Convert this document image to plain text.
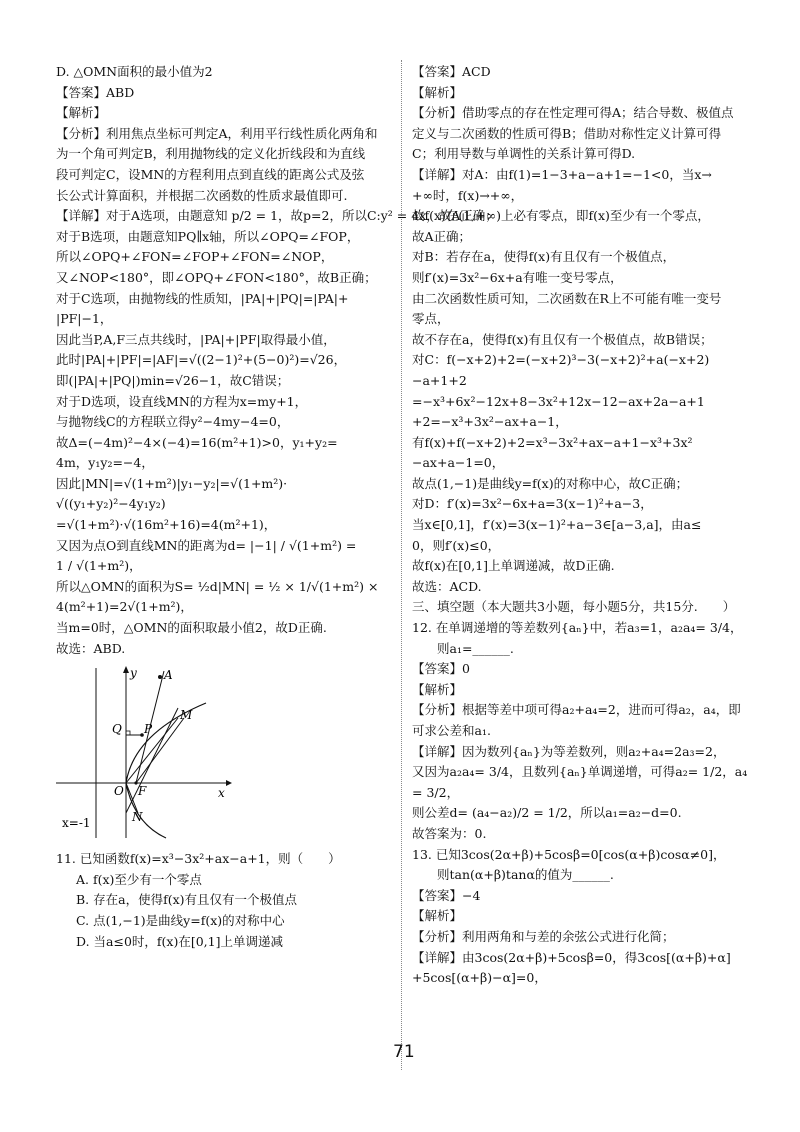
D. △OMN面积的最小值为2
【答案】ABD
【解析】
【分析】利用焦点坐标可判定A，利用平行线性质化两角和
为一个角可判定B，利用抛物线的定义化折线段和为直线
段可判定C，设MN的方程利用点到直线的距离公式及弦
长公式计算面积，并根据二次函数的性质求最值即可.
【详解】对于A选项，由题意知 p/2 = 1，故p=2，所以C:y² = 4x，故A正确；
对于B选项，由题意知PQ∥x轴，所以∠OPQ=∠FOP，
所以∠OPQ+∠FON=∠FOP+∠FON=∠NOP，
又∠NOP<180°，即∠OPQ+∠FON<180°，故B正确；
对于C选项，由抛物线的性质知，|PA|+|PQ|=|PA|+
|PF|−1，
因此当P,A,F三点共线时，|PA|+|PF|取得最小值，
此时|PA|+|PF|=|AF|=√((2−1)²+(5−0)²)=√26，
即(|PA|+|PQ|)min=√26−1，故C错误；
对于D选项，设直线MN的方程为x=my+1，
与抛物线C的方程联立得y²−4my−4=0，
故Δ=(−4m)²−4×(−4)=16(m²+1)>0，y₁+y₂=
4m，y₁y₂=−4，
因此|MN|=√(1+m²)|y₁−y₂|=√(1+m²)·
√((y₁+y₂)²−4y₁y₂)
=√(1+m²)·√(16m²+16)=4(m²+1)，
又因为点O到直线MN的距离为d= |−1| / √(1+m²) =
1 / √(1+m²)，
所以△OMN的面积为S= ½d|MN| = ½ × 1/√(1+m²) ×
4(m²+1)=2√(1+m²)，
当m=0时，△OMN的面积取最小值2，故D正确.
故选：ABD.
y
x
A
M
Q P
O F
N
x=-1
11. 已知函数f(x)=x³−3x²+ax−a+1，则（　　）
A. f(x)至少有一个零点
B. 存在a，使得f(x)有且仅有一个极值点
C. 点(1,−1)是曲线y=f(x)的对称中心
D. 当a≤0时，f(x)在[0,1]上单调递减
【答案】ACD
【解析】
【分析】借助零点的存在性定理可得A；结合导数、极值点
定义与二次函数的性质可得B；借助对称性定义计算可得
C；利用导数与单调性的关系计算可得D.
【详解】对A：由f(1)=1−3+a−a+1=−1<0，当x→
+∞时，f(x)→+∞，
故f(x)在(1,+∞)上必有零点，即f(x)至少有一个零点，
故A正确；
对B：若存在a，使得f(x)有且仅有一个极值点，
则f′(x)=3x²−6x+a有唯一变号零点，
由二次函数性质可知，二次函数在R上不可能有唯一变号
零点，
故不存在a，使得f(x)有且仅有一个极值点，故B错误；
对C：f(−x+2)+2=(−x+2)³−3(−x+2)²+a(−x+2)
−a+1+2
=−x³+6x²−12x+8−3x²+12x−12−ax+2a−a+1
+2=−x³+3x²−ax+a−1，
有f(x)+f(−x+2)+2=x³−3x²+ax−a+1−x³+3x²
−ax+a−1=0，
故点(1,−1)是曲线y=f(x)的对称中心，故C正确；
对D：f′(x)=3x²−6x+a=3(x−1)²+a−3，
当x∈[0,1]，f′(x)=3(x−1)²+a−3∈[a−3,a]，由a≤
0，则f′(x)≤0，
故f(x)在[0,1]上单调递减，故D正确.
故选：ACD.
三、填空题（本大题共3小题，每小题5分，共15分.　　）
12. 在单调递增的等差数列{aₙ}中，若a₃=1，a₂a₄= 3/4，
　　则a₁=______.
【答案】0
【解析】
【分析】根据等差中项可得a₂+a₄=2，进而可得a₂，a₄，即
可求公差和a₁.
【详解】因为数列{aₙ}为等差数列，则a₂+a₄=2a₃=2，
又因为a₂a₄= 3/4，且数列{aₙ}单调递增，可得a₂= 1/2，a₄
= 3/2，
则公差d= (a₄−a₂)/2 = 1/2，所以a₁=a₂−d=0.
故答案为：0.
13. 已知3cos(2α+β)+5cosβ=0[cos(α+β)cosα≠0]，
　　则tan(α+β)tanα的值为______.
【答案】−4
【解析】
【分析】利用两角和与差的余弦公式进行化简；
【详解】由3cos(2α+β)+5cosβ=0，得3cos[(α+β)+α]
+5cos[(α+β)−α]=0，
71
